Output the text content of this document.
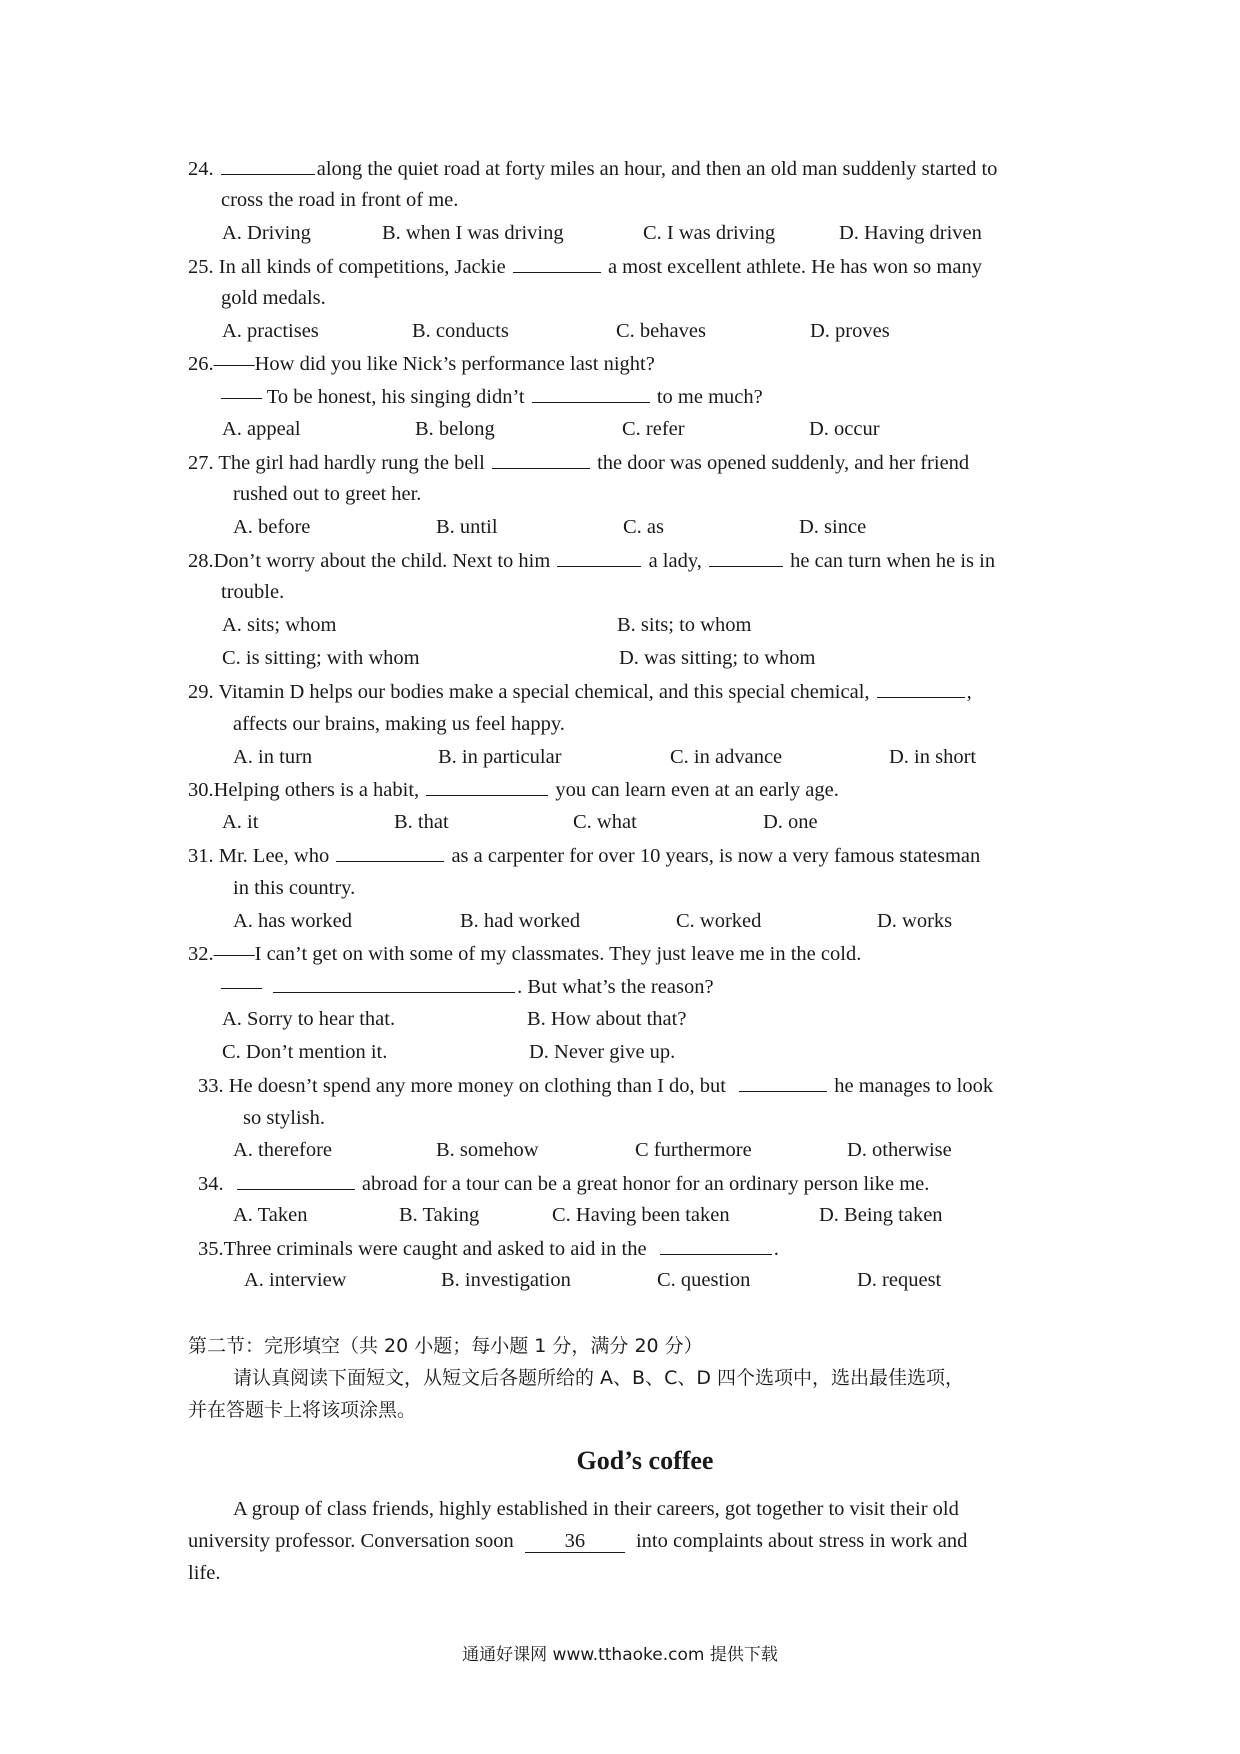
24.	along the quiet road at forty miles an hour, and then an old man suddenly started to
cross the road in front of me.
A. Driving	B. when I was driving	C. I was driving	D. Having driven
25. In all kinds of competitions, Jackie	a most excellent athlete. He has won so many
gold medals.
A. practises	B. conducts	C. behaves	D. proves
26.——How did you like Nick’s performance last night?
—— To be honest, his singing didn’t	to me much?
A. appeal	B. belong	C. refer	D. occur
27. The girl had hardly rung the bell	the door was opened suddenly, and her friend
rushed out to greet her.
A. before	B. until	C. as	D. since
28.Don’t worry about the child. Next to him	a lady,	he can turn when he is in
trouble.
A. sits; whom	B. sits; to whom
C. is sitting; with whom	D. was sitting; to whom
29. Vitamin D helps our bodies make a special chemical, and this special chemical,	,
affects our brains, making us feel happy.
A. in turn	B. in particular	C. in advance	D. in short
30.Helping others is a habit,	you can learn even at an early age.
A. it	B. that	C. what	D. one
31. Mr. Lee, who	as a carpenter for over 10 years, is now a very famous statesman
in this country.
A. has worked	B. had worked	C. worked	D. works
32.——I can’t get on with some of my classmates. They just leave me in the cold.
——	. But what’s the reason?
A. Sorry to hear that.	B. How about that?
C. Don’t mention it.	D. Never give up.
33. He doesn’t spend any more money on clothing than I do, but	he manages to look
so stylish.
A. therefore	B. somehow	C furthermore	D. otherwise
34.	abroad for a tour can be a great honor for an ordinary person like me.
A. Taken	B. Taking	C. Having been taken	D. Being taken
35.Three criminals were caught and asked to aid in the	.
A. interview	B. investigation	C. question	D. request
第二节：完形填空（共 20 小题；每小题 1 分，满分 20 分）
请认真阅读下面短文，从短文后各题所给的 A、B、C、D 四个选项中，选出最佳选项，
并在答题卡上将该项涂黑。
God’s coffee
A group of class friends, highly established in their careers, got together to visit their old
university professor. Conversation soon 36 into complaints about stress in work and
life.
通通好课网 www.tthaoke.com 提供下载
